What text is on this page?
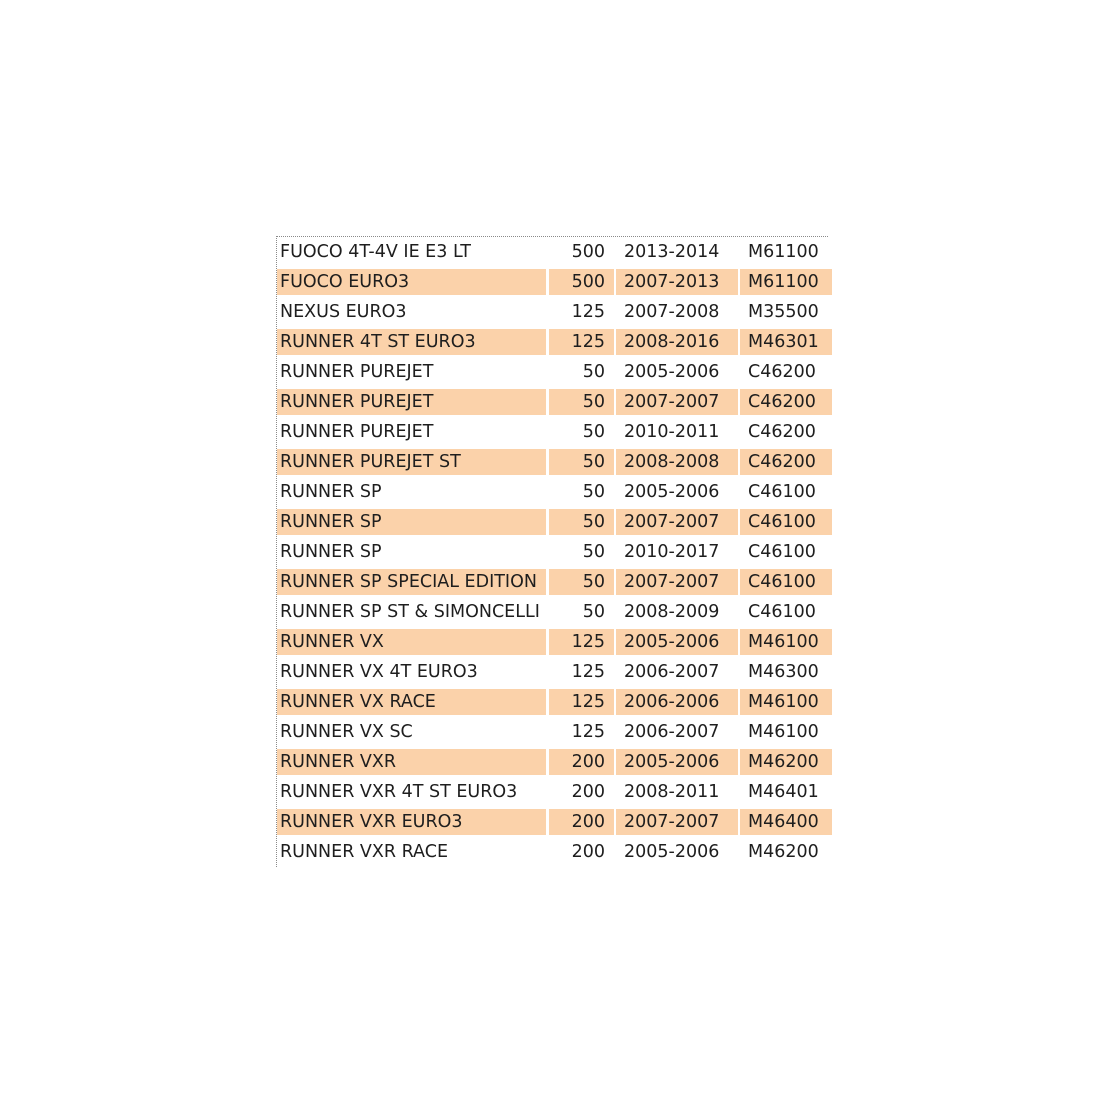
FUOCO 4T-4V IE E3 LT	500	2013-2014	M61100
FUOCO EURO3	500	2007-2013	M61100
NEXUS EURO3	125	2007-2008	M35500
RUNNER 4T ST EURO3	125	2008-2016	M46301
RUNNER PUREJET	50	2005-2006	C46200
RUNNER PUREJET	50	2007-2007	C46200
RUNNER PUREJET	50	2010-2011	C46200
RUNNER PUREJET ST	50	2008-2008	C46200
RUNNER SP	50	2005-2006	C46100
RUNNER SP	50	2007-2007	C46100
RUNNER SP	50	2010-2017	C46100
RUNNER SP SPECIAL EDITION	50	2007-2007	C46100
RUNNER SP ST & SIMONCELLI	50	2008-2009	C46100
RUNNER VX	125	2005-2006	M46100
RUNNER VX 4T EURO3	125	2006-2007	M46300
RUNNER VX RACE	125	2006-2006	M46100
RUNNER VX SC	125	2006-2007	M46100
RUNNER VXR	200	2005-2006	M46200
RUNNER VXR 4T ST EURO3	200	2008-2011	M46401
RUNNER VXR EURO3	200	2007-2007	M46400
RUNNER VXR RACE	200	2005-2006	M46200
